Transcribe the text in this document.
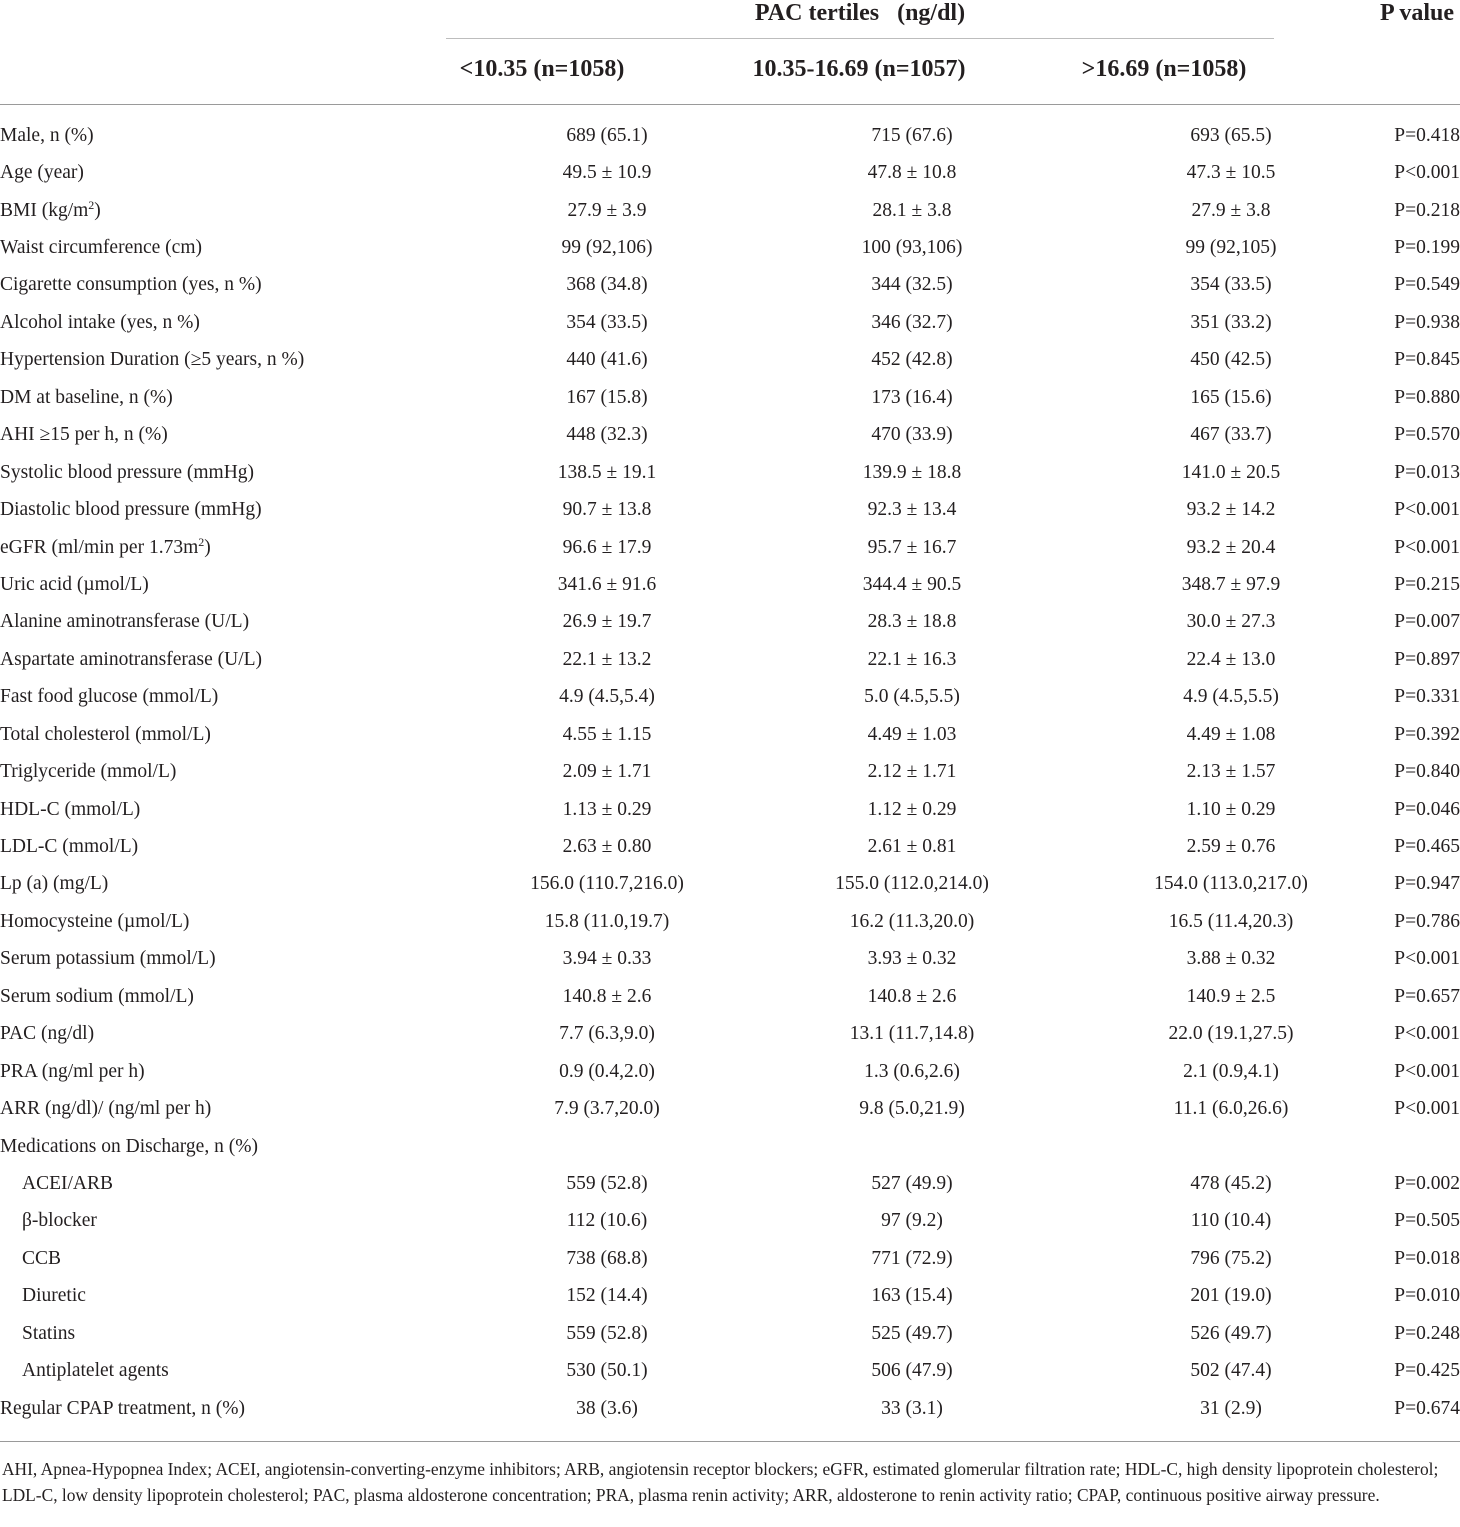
PAC tertiles (ng/dl)	P value
<10.35 (n=1058)	10.35-16.69 (n=1057)	>16.69 (n=1058)
Male, n (%)	689 (65.1)	715 (67.6)	693 (65.5)	P=0.418
Age (year)	49.5 ± 10.9	47.8 ± 10.8	47.3 ± 10.5	P<0.001
BMI $(kg/m^2)$	27.9 ± 3.9	28.1 ± 3.8	27.9 ± 3.8	P=0.218
Waist circumference (cm)	99 (92,106)	100 (93,106)	99 (92,105)	P=0.199
Cigarette consumption (yes, n %)	368 (34.8)	344 (32.5)	354 (33.5)	P=0.549
Alcohol intake (yes, n %)	354 (33.5)	346 (32.7)	351 (33.2)	P=0.938
Hypertension Duration (≥5 years, n %)	440 (41.6)	452 (42.8)	450 (42.5)	P=0.845
DM at baseline, n (%)	167 (15.8)	173 (16.4)	165 (15.6)	P=0.880
AHI ≥15 per h, n (%)	448 (32.3)	470 (33.9)	467 (33.7)	P=0.570
Systolic blood pressure (mmHg)	138.5 ± 19.1	139.9 ± 18.8	141.0 ± 20.5	P=0.013
Diastolic blood pressure (mmHg)	90.7 ± 13.8	92.3 ± 13.4	93.2 ± 14.2	P<0.001
eGFR (ml/min per $1.73m^2$)	96.6 ± 17.9	95.7 ± 16.7	93.2 ± 20.4	P<0.001
Uric acid (µmol/L)	341.6 ± 91.6	344.4 ± 90.5	348.7 ± 97.9	P=0.215
Alanine aminotransferase (U/L)	26.9 ± 19.7	28.3 ± 18.8	30.0 ± 27.3	P=0.007
Aspartate aminotransferase (U/L)	22.1 ± 13.2	22.1 ± 16.3	22.4 ± 13.0	P=0.897
Fast food glucose (mmol/L)	4.9 (4.5,5.4)	5.0 (4.5,5.5)	4.9 (4.5,5.5)	P=0.331
Total cholesterol (mmol/L)	4.55 ± 1.15	4.49 ± 1.03	4.49 ± 1.08	P=0.392
Triglyceride (mmol/L)	2.09 ± 1.71	2.12 ± 1.71	2.13 ± 1.57	P=0.840
HDL-C (mmol/L)	1.13 ± 0.29	1.12 ± 0.29	1.10 ± 0.29	P=0.046
LDL-C (mmol/L)	2.63 ± 0.80	2.61 ± 0.81	2.59 ± 0.76	P=0.465
Lp (a) (mg/L)	156.0 (110.7,216.0)	155.0 (112.0,214.0)	154.0 (113.0,217.0)	P=0.947
Homocysteine (µmol/L)	15.8 (11.0,19.7)	16.2 (11.3,20.0)	16.5 (11.4,20.3)	P=0.786
Serum potassium (mmol/L)	3.94 ± 0.33	3.93 ± 0.32	3.88 ± 0.32	P<0.001
Serum sodium (mmol/L)	140.8 ± 2.6	140.8 ± 2.6	140.9 ± 2.5	P=0.657
PAC (ng/dl)	7.7 (6.3,9.0)	13.1 (11.7,14.8)	22.0 (19.1,27.5)	P<0.001
PRA (ng/ml per h)	0.9 (0.4,2.0)	1.3 (0.6,2.6)	2.1 (0.9,4.1)	P<0.001
ARR (ng/dl)/ (ng/ml per h)	7.9 (3.7,20.0)	9.8 (5.0,21.9)	11.1 (6.0,26.6)	P<0.001
Medications on Discharge, n (%)				
ACEI/ARB	559 (52.8)	527 (49.9)	478 (45.2)	P=0.002
β-blocker	112 (10.6)	97 (9.2)	110 (10.4)	P=0.505
CCB	738 (68.8)	771 (72.9)	796 (75.2)	P=0.018
Diuretic	152 (14.4)	163 (15.4)	201 (19.0)	P=0.010
Statins	559 (52.8)	525 (49.7)	526 (49.7)	P=0.248
Antiplatelet agents	530 (50.1)	506 (47.9)	502 (47.4)	P=0.425
Regular CPAP treatment, n (%)	38 (3.6)	33 (3.1)	31 (2.9)	P=0.674
AHI, Apnea-Hypopnea Index; ACEI, angiotensin-converting-enzyme inhibitors; ARB, angiotensin receptor blockers; eGFR, estimated glomerular filtration rate; HDL-C, high density lipoprotein cholesterol; LDL-C, low density lipoprotein cholesterol; PAC, plasma aldosterone concentration; PRA, plasma renin activity; ARR, aldosterone to renin activity ratio; CPAP, continuous positive airway pressure.
